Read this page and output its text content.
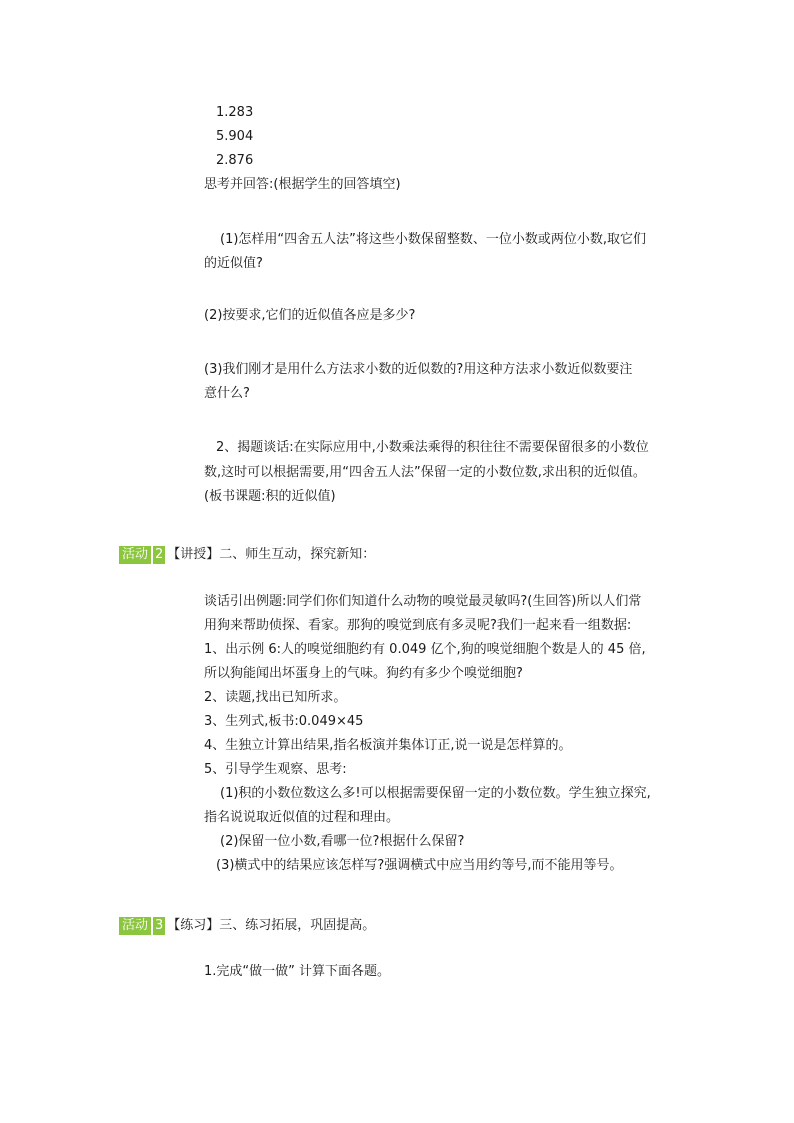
1.283
5.904
2.876
思考并回答:(根据学生的回答填空)
(1)怎样用“四舍五人法”将这些小数保留整数、一位小数或两位小数,取它们
的近似值?
(2)按要求,它们的近似值各应是多少?
(3)我们刚才是用什么方法求小数的近似数的?用这种方法求小数近似数要注
意什么?
2、揭题谈话:在实际应用中,小数乘法乘得的积往往不需要保留很多的小数位
数,这时可以根据需要,用“四舍五人法”保留一定的小数位数,求出积的近似值。
(板书课题:积的近似值)
活动 2 【讲授】二、师生互动，探究新知：
谈话引出例题:同学们你们知道什么动物的嗅觉最灵敏吗?(生回答)所以人们常
用狗来帮助侦探、看家。那狗的嗅觉到底有多灵呢?我们一起来看一组数据:
1、出示例 6:人的嗅觉细胞约有 0.049 亿个,狗的嗅觉细胞个数是人的 45 倍,
所以狗能闻出坏蛋身上的气味。狗约有多少个嗅觉细胞?
2、读题,找出已知所求。
3、生列式,板书:0.049×45
4、生独立计算出结果,指名板演并集体订正,说一说是怎样算的。
5、引导学生观察、思考:
(1)积的小数位数这么多!可以根据需要保留一定的小数位数。学生独立探究,
指名说说取近似值的过程和理由。
(2)保留一位小数,看哪一位?根据什么保留?
(3)横式中的结果应该怎样写?强调横式中应当用约等号,而不能用等号。
活动 3 【练习】三、练习拓展，巩固提高。
1.完成“做一做” 计算下面各题。
